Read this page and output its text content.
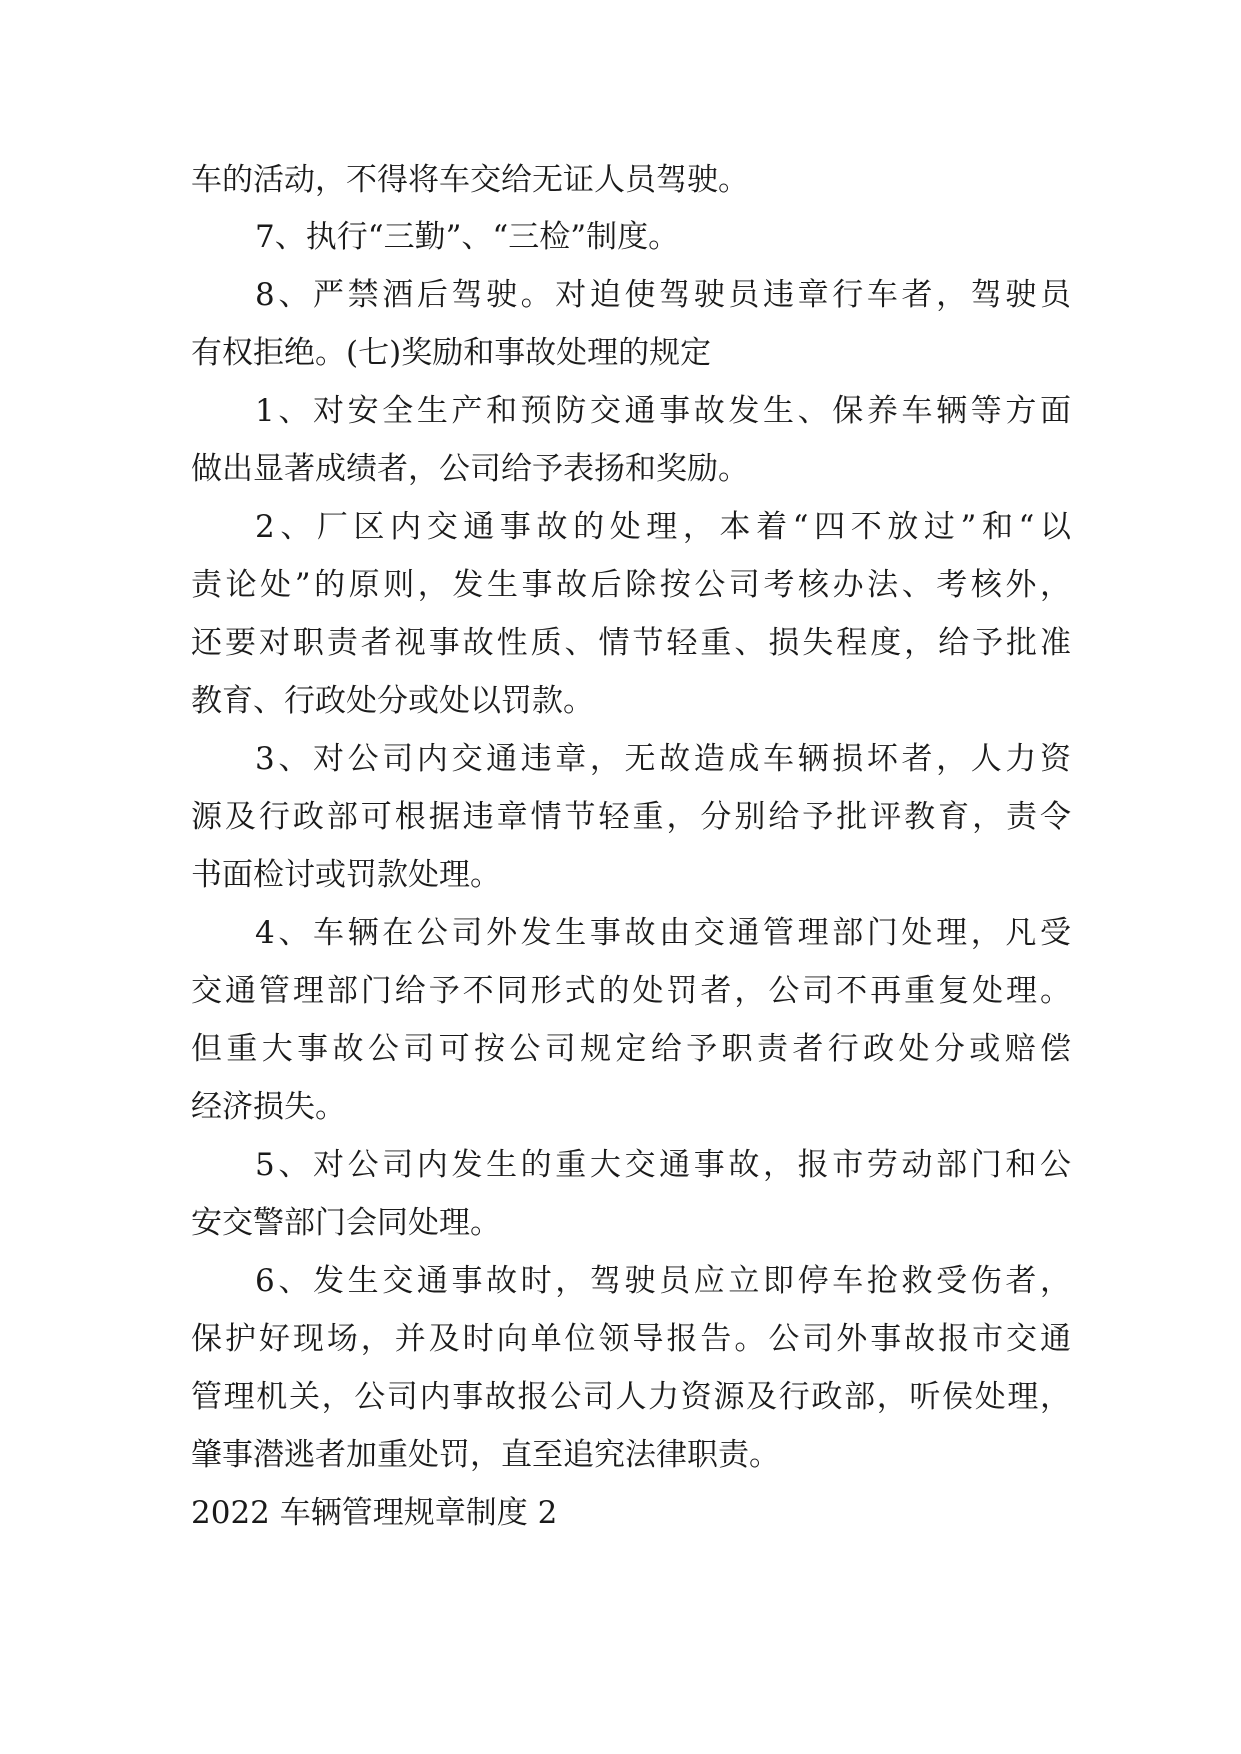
车的活动，不得将车交给无证人员驾驶。
7、执行“三勤”、“三检”制度。
8、严禁酒后驾驶。对迫使驾驶员违章行车者，驾驶员
有权拒绝。(七)奖励和事故处理的规定
1、对安全生产和预防交通事故发生、保养车辆等方面
做出显著成绩者，公司给予表扬和奖励。
2、厂区内交通事故的处理，本着“四不放过”和“以
责论处”的原则，发生事故后除按公司考核办法、考核外，
还要对职责者视事故性质、情节轻重、损失程度，给予批准
教育、行政处分或处以罚款。
3、对公司内交通违章，无故造成车辆损坏者，人力资
源及行政部可根据违章情节轻重，分别给予批评教育，责令
书面检讨或罚款处理。
4、车辆在公司外发生事故由交通管理部门处理，凡受
交通管理部门给予不同形式的处罚者，公司不再重复处理。
但重大事故公司可按公司规定给予职责者行政处分或赔偿
经济损失。
5、对公司内发生的重大交通事故，报市劳动部门和公
安交警部门会同处理。
6、发生交通事故时，驾驶员应立即停车抢救受伤者，
保护好现场，并及时向单位领导报告。公司外事故报市交通
管理机关，公司内事故报公司人力资源及行政部，听侯处理，
肇事潜逃者加重处罚，直至追究法律职责。
2022 车辆管理规章制度 2
